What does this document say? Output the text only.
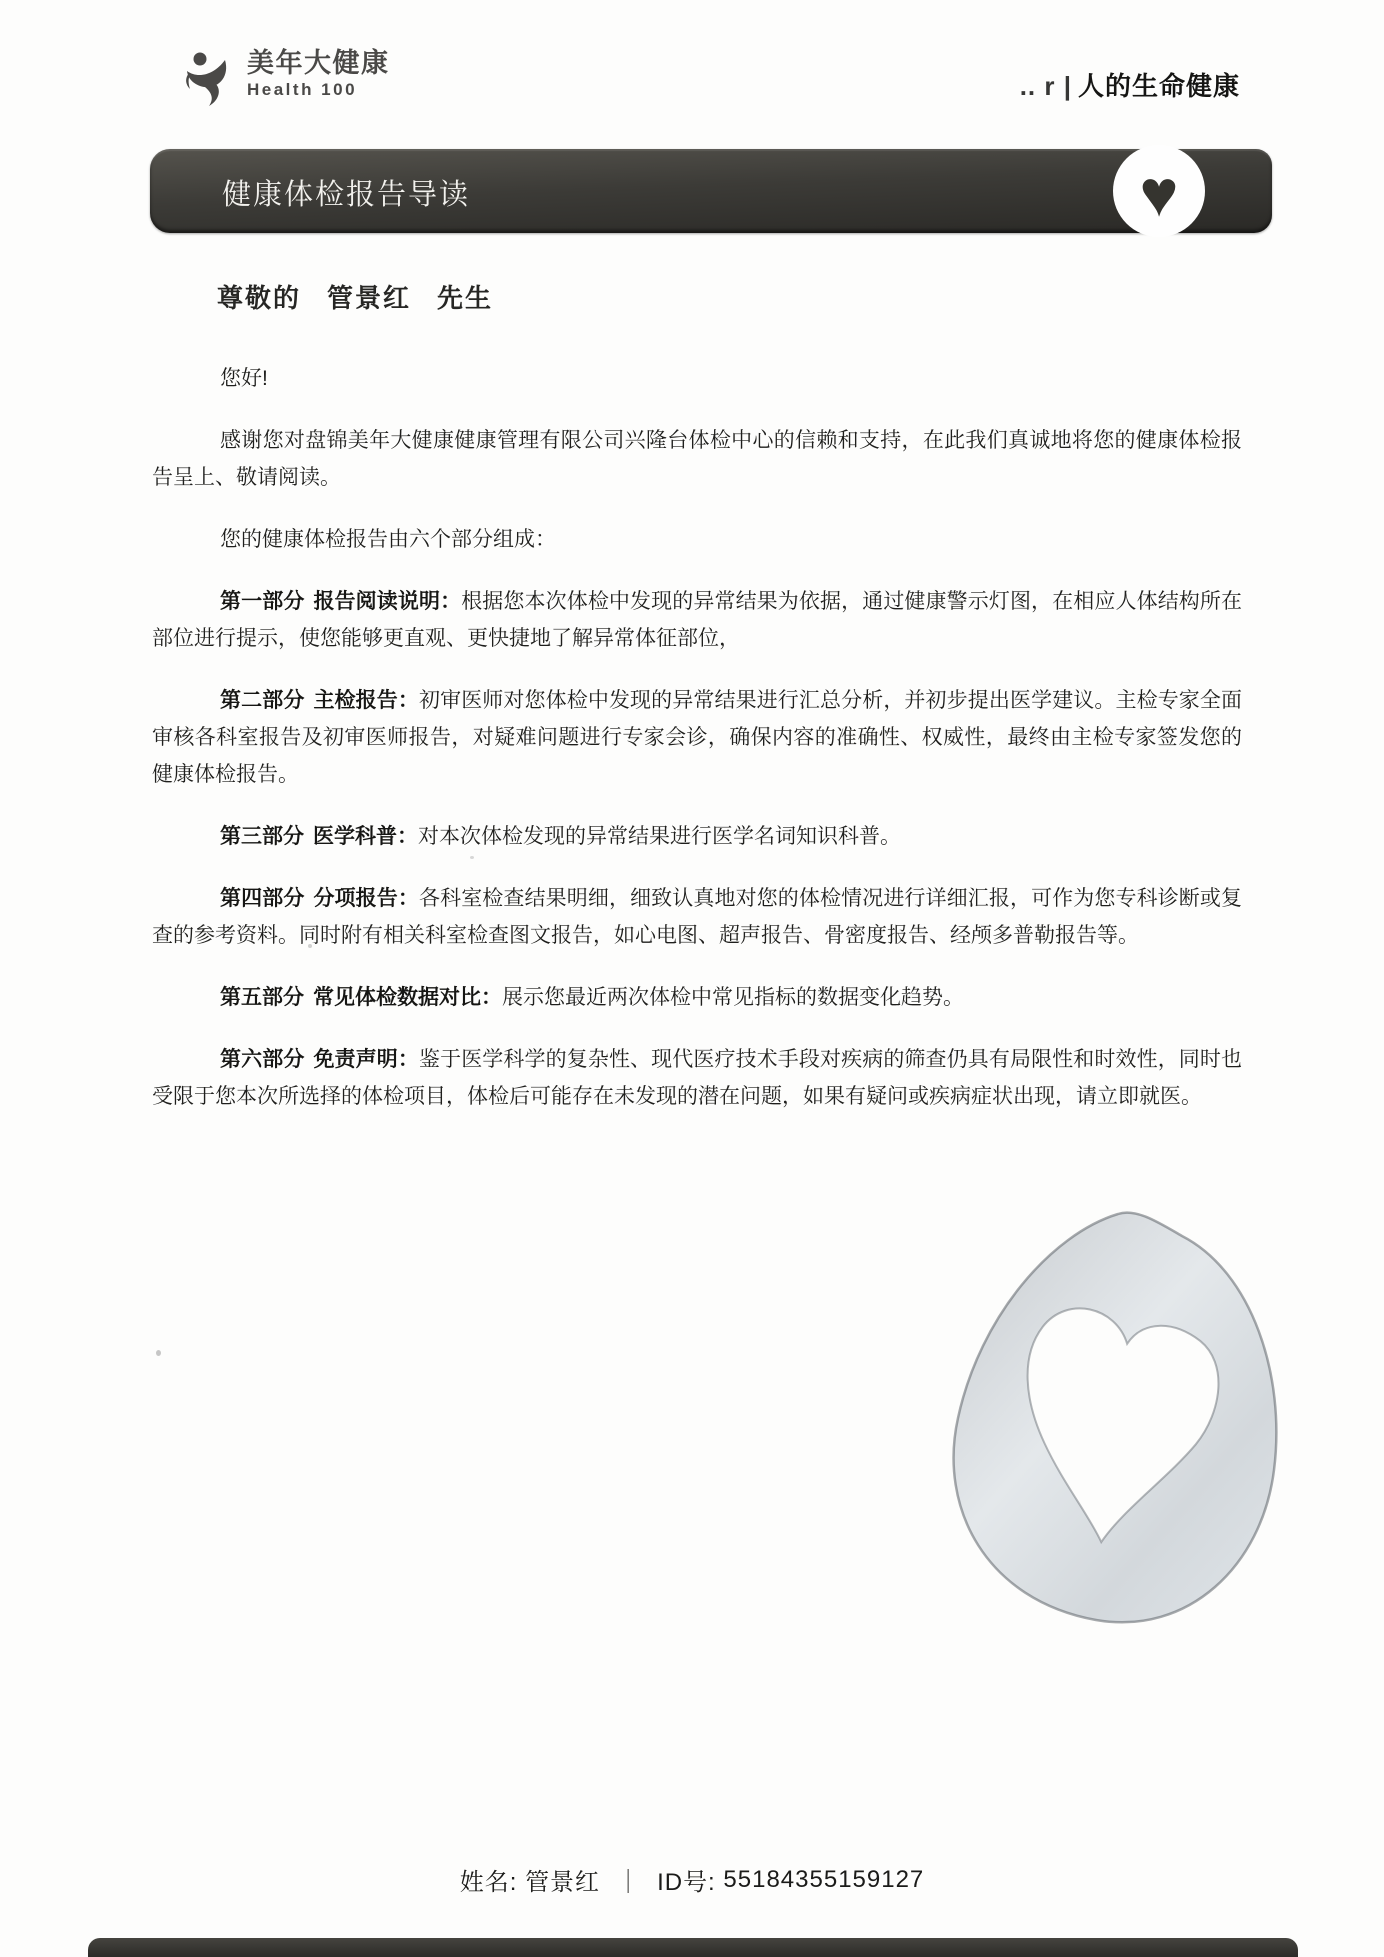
美年大健康
Health 100	.. r | 人的生命健康
健康体检报告导读	♥
尊敬的 管景红 先生

您好!

感谢您对盘锦美年大健康健康管理有限公司兴隆台体检中心的信赖和支持，在此我们真诚地将您的健康体检报告呈上、敬请阅读。

您的健康体检报告由六个部分组成：

第一部分 报告阅读说明：根据您本次体检中发现的异常结果为依据，通过健康警示灯图，在相应人体结构所在部位进行提示，使您能够更直观、更快捷地了解异常体征部位，

第二部分 主检报告：初审医师对您体检中发现的异常结果进行汇总分析，并初步提出医学建议。主检专家全面审核各科室报告及初审医师报告，对疑难问题进行专家会诊，确保内容的准确性、权威性，最终由主检专家签发您的健康体检报告。

第三部分 医学科普：对本次体检发现的异常结果进行医学名词知识科普。

第四部分 分项报告：各科室检查结果明细，细致认真地对您的体检情况进行详细汇报，可作为您专科诊断或复查的参考资料。同时附有相关科室检查图文报告，如心电图、超声报告、骨密度报告、经颅多普勒报告等。

第五部分 常见体检数据对比：展示您最近两次体检中常见指标的数据变化趋势。

第六部分 免责声明：鉴于医学科学的复杂性、现代医疗技术手段对疾病的筛查仍具有局限性和时效性，同时也受限于您本次所选择的体检项目，体检后可能存在未发现的潜在问题，如果有疑问或疾病症状出现，请立即就医。

姓名:
管景红 ｜ ID号:
55184355159127
